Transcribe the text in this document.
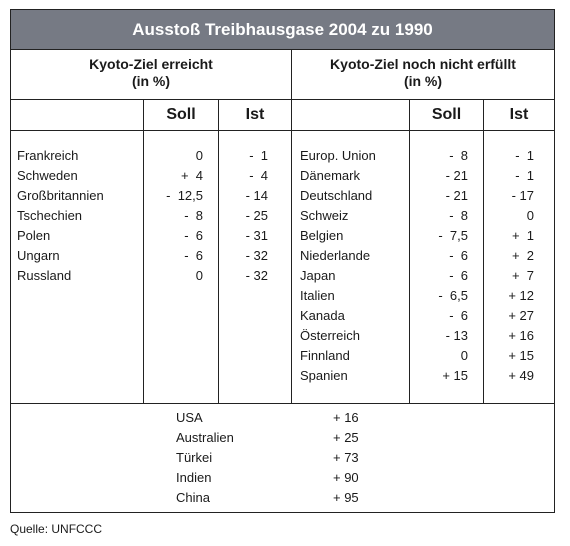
Ausstoß Treibhausgase 2004 zu 1990
Kyoto-Ziel erreicht
(in %)
Kyoto-Ziel noch nicht erfüllt
(in %)
Soll	Ist	Soll	Ist
Frankreich	0	-  1
Schweden	+  4	-  4
Großbritannien	-  12,5	- 14
Tschechien	-  8	- 25
Polen	-  6	- 31
Ungarn	-  6	- 32
Russland	0	- 32
Europ. Union	-  8	-  1
Dänemark	- 21	-  1
Deutschland	- 21	- 17
Schweiz	-  8	0
Belgien	-  7,5	+  1
Niederlande	-  6	+  2
Japan	-  6	+  7
Italien	-  6,5	+ 12
Kanada	-  6	+ 27
Österreich	- 13	+ 16
Finnland	0	+ 15
Spanien	+ 15	+ 49
USA	+ 16
Australien	+ 25
Türkei	+ 73
Indien	+ 90
China	+ 95
Quelle: UNFCCC
